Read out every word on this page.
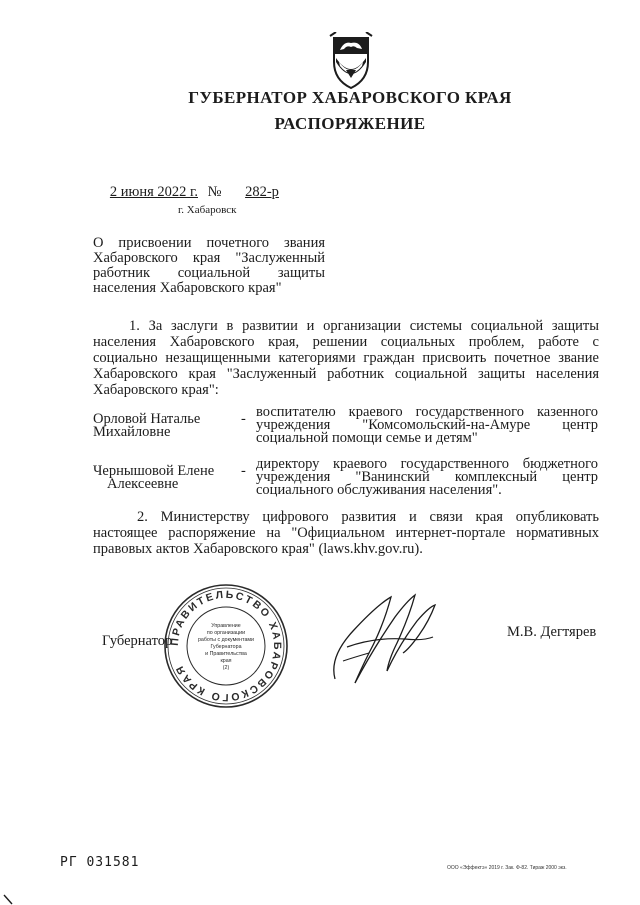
ГУБЕРНАТОР ХАБАРОВСКОГО КРАЯ
РАСПОРЯЖЕНИЕ
2 июня 2022 г. № 282-р
г. Хабаровск
О присвоении почетного звания
Хабаровского края "Заслуженный
работник социальной защиты
населения Хабаровского края"
1. За заслуги в развитии и организации системы социальной защиты
населения Хабаровского края, решении социальных проблем, работе с
социально незащищенными категориями граждан присвоить почетное звание
Хабаровского края "Заслуженный работник социальной защиты населения
Хабаровского края":
Орловой Наталье
Михайловне
- воспитателю краевого государственного казенного
учреждения "Комсомольский-на-Амуре центр
социальной помощи семье и детям"
Чернышовой Елене
Алексеевне
- директору краевого государственного бюджетного
учреждения "Ванинский комплексный центр
социального обслуживания населения".
2. Министерству цифрового развития и связи края опубликовать
настоящее распоряжение на "Официальном интернет-портале нормативных
правовых актов Хабаровского края" (laws.khv.gov.ru).
Губернатор
ПРАВИТЕЛЬСТВО ХАБАРОВСКОГО КРАЯ
Управление
по организации
работы с документами
Губернатора
и Правительства
края
(2)
М.В. Дегтярев
РГ 031581	ООО «Эффектэ» 2019 г. Зак. Ф-82. Тираж 2000 экз.
